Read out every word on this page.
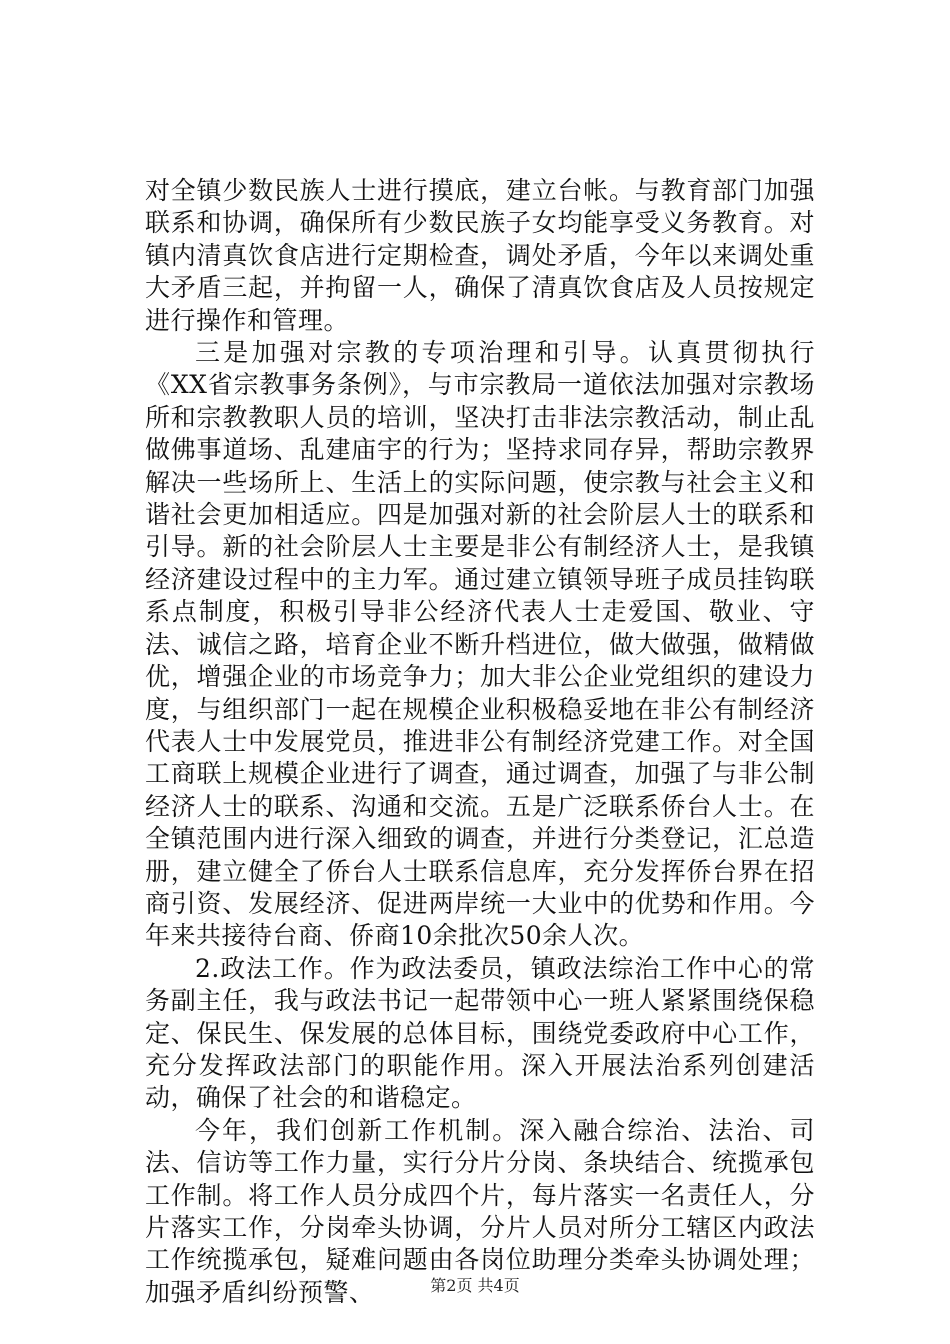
对全镇少数民族人士进行摸底，建立台帐。与教育部门加强联系和协调，确保所有少数民族子女均能享受义务教育。对镇内清真饮食店进行定期检查，调处矛盾，今年以来调处重大矛盾三起，并拘留一人，确保了清真饮食店及人员按规定进行操作和管理。

三是加强对宗教的专项治理和引导。认真贯彻执行《XX省宗教事务条例》，与市宗教局一道依法加强对宗教场所和宗教教职人员的培训，坚决打击非法宗教活动，制止乱做佛事道场、乱建庙宇的行为；坚持求同存异，帮助宗教界解决一些场所上、生活上的实际问题，使宗教与社会主义和谐社会更加相适应。四是加强对新的社会阶层人士的联系和引导。新的社会阶层人士主要是非公有制经济人士，是我镇经济建设过程中的主力军。通过建立镇领导班子成员挂钩联系点制度，积极引导非公经济代表人士走爱国、敬业、守法、诚信之路，培育企业不断升档进位，做大做强，做精做优，增强企业的市场竞争力；加大非公企业党组织的建设力度，与组织部门一起在规模企业积极稳妥地在非公有制经济代表人士中发展党员，推进非公有制经济党建工作。对全国工商联上规模企业进行了调查，通过调查，加强了与非公制经济人士的联系、沟通和交流。五是广泛联系侨台人士。在全镇范围内进行深入细致的调查，并进行分类登记，汇总造册，建立健全了侨台人士联系信息库，充分发挥侨台界在招商引资、发展经济、促进两岸统一大业中的优势和作用。今年来共接待台商、侨商10余批次50余人次。

2.政法工作。作为政法委员，镇政法综治工作中心的常务副主任，我与政法书记一起带领中心一班人紧紧围绕保稳定、保民生、保发展的总体目标，围绕党委政府中心工作，充分发挥政法部门的职能作用。深入开展法治系列创建活动，确保了社会的和谐稳定。

今年，我们创新工作机制。深入融合综治、法治、司法、信访等工作力量，实行分片分岗、条块结合、统揽承包工作制。将工作人员分成四个片，每片落实一名责任人，分片落实工作，分岗牵头协调，分片人员对所分工辖区内政法工作统揽承包，疑难问题由各岗位助理分类牵头协调处理；加强矛盾纠纷预警、	第2页 共4页
